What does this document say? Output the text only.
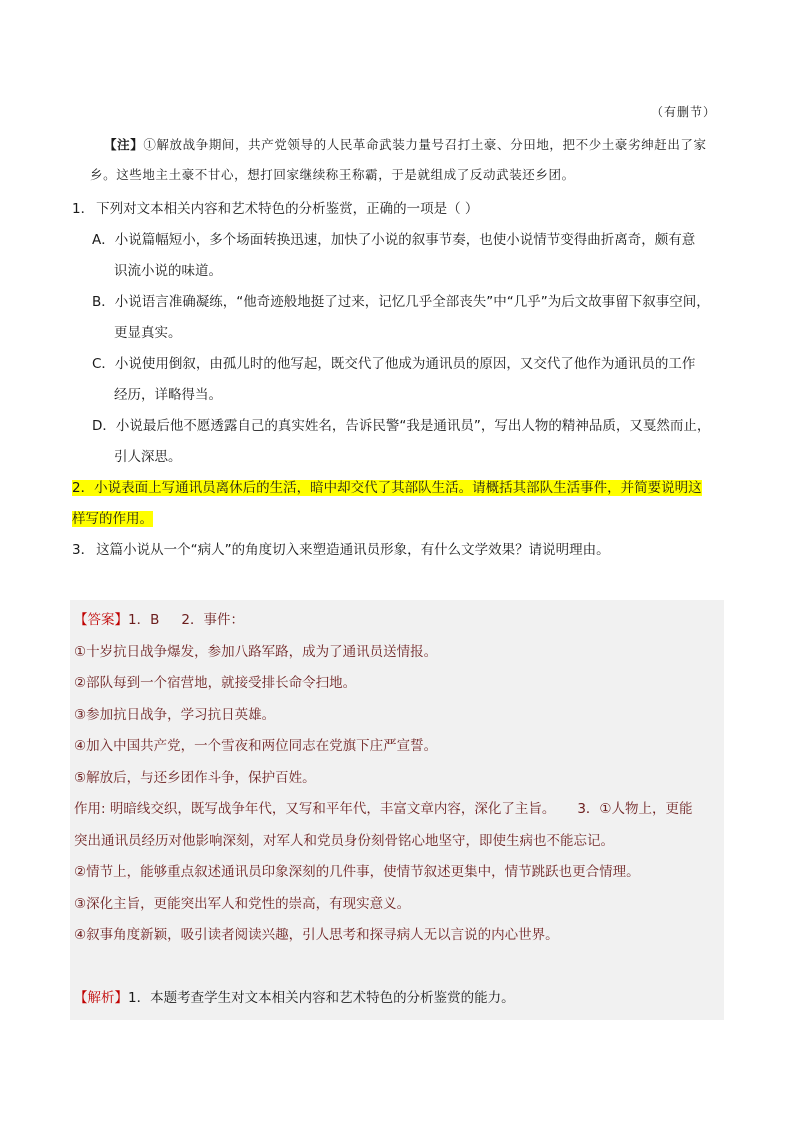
（有删节）
【注】①解放战争期间，共产党领导的人民革命武装力量号召打土豪、分田地，把不少土豪劣绅赶出了家乡。这些地主土豪不甘心，想打回家继续称王称霸，于是就组成了反动武装还乡团。

1． 下列对文本相关内容和艺术特色的分析鉴赏，正确的一项是（ ）

A．小说篇幅短小，多个场面转换迅速，加快了小说的叙事节奏，也使小说情节变得曲折离奇，颇有意
识流小说的味道。

B．小说语言准确凝练，“他奇迹般地挺了过来，记忆几乎全部丧失”中“几乎”为后文故事留下叙事空间，
更显真实。

C．小说使用倒叙，由孤儿时的他写起，既交代了他成为通讯员的原因，又交代了他作为通讯员的工作
经历，详略得当。

D．小说最后他不愿透露自己的真实姓名，告诉民警“我是通讯员”，写出人物的精神品质，又戛然而止，
引人深思。

2．小说表面上写通讯员离休后的生活，暗中却交代了其部队生活。请概括其部队生活事件，并简要说明这
样写的作用。

3． 这篇小说从一个“病人”的角度切入来塑造通讯员形象，有什么文学效果？请说明理由。

【答案】1．B 2．事件：
①十岁抗日战争爆发，参加八路军路，成为了通讯员送情报。
②部队每到一个宿营地，就接受排长命令扫地。
③参加抗日战争，学习抗日英雄。
④加入中国共产党，一个雪夜和两位同志在党旗下庄严宣誓。
⑤解放后，与还乡团作斗争，保护百姓。
作用: 明暗线交织，既写战争年代，又写和平年代，丰富文章内容，深化了主旨。 3．①人物上，更能
突出通讯员经历对他影响深刻，对军人和党员身份刻骨铭心地坚守，即使生病也不能忘记。
②情节上，能够重点叙述通讯员印象深刻的几件事，使情节叙述更集中，情节跳跃也更合情理。
③深化主旨，更能突出军人和党性的崇高，有现实意义。
④叙事角度新颖，吸引读者阅读兴趣，引人思考和探寻病人无以言说的内心世界。
【解析】1．本题考查学生对文本相关内容和艺术特色的分析鉴赏的能力。
